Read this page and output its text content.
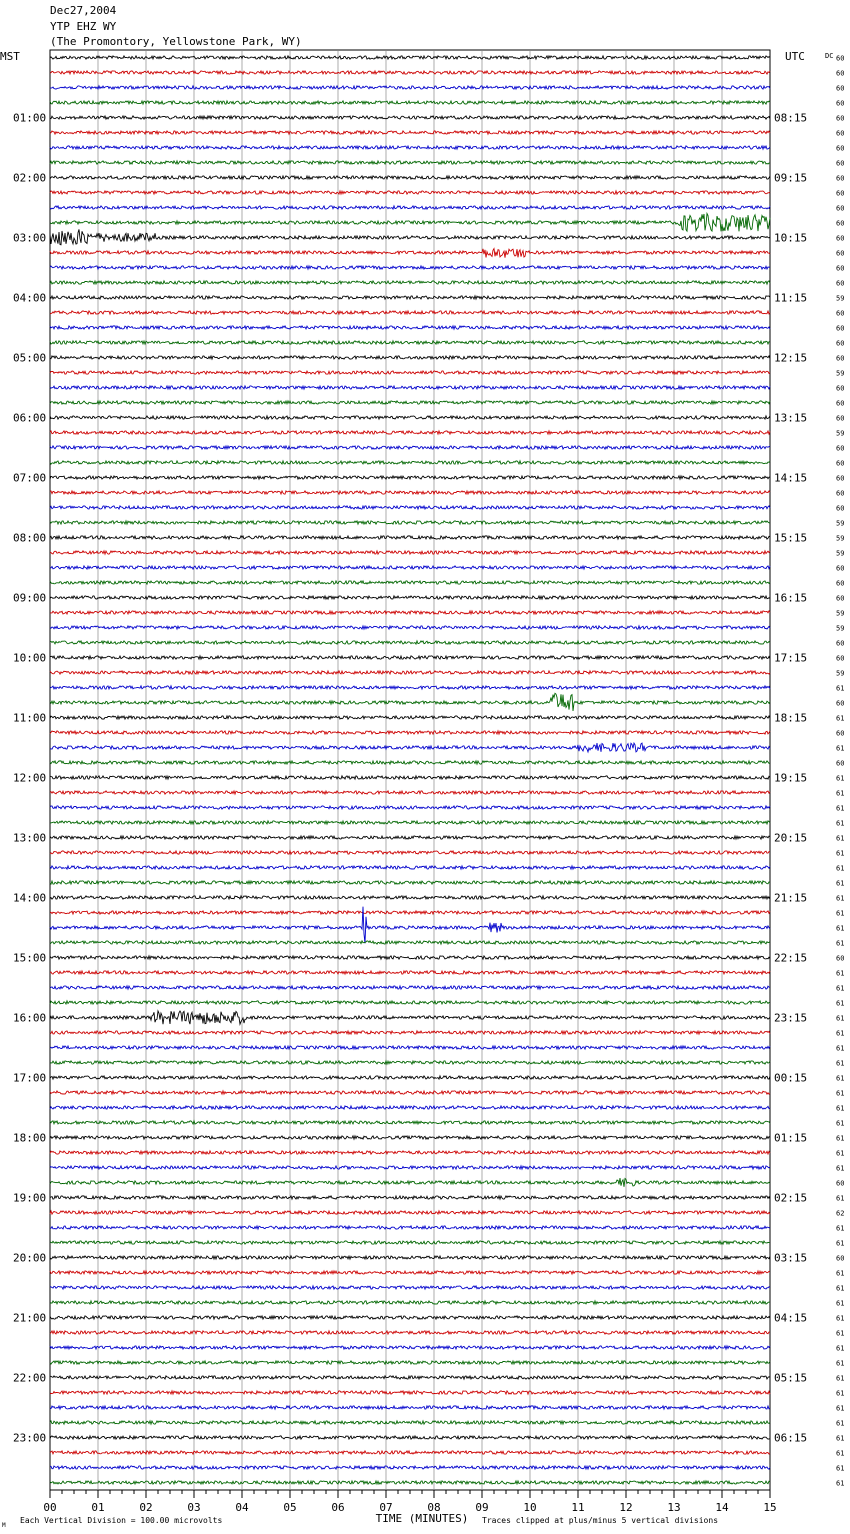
Dec27,2004
YTP EHZ WY
(The Promontory, Yellowstone Park, WY)
01:00
02:00
03:00
04:00
05:00
06:00
07:00
08:00
09:00
10:00
11:00
12:00
13:00
14:00
15:00
16:00
17:00
18:00
19:00
20:00
21:00
22:00
23:00
08:15
09:15
10:15
11:15
12:15
13:15
14:15
15:15
16:15
17:15
18:15
19:15
20:15
21:15
22:15
23:15
00:15
01:15
02:15
03:15
04:15
05:15
06:15
60
60
60
60
60
60
60
60
60
60
60
60
60
60
60
60
59
60
60
60
60
59
60
60
60
59
60
60
60
60
60
59
59
59
60
60
60
59
59
60
60
59
61
60
61
60
61
60
61
61
61
61
61
61
61
61
61
61
61
61
60
61
61
61
61
61
61
61
61
61
61
61
61
61
61
60
61
62
61
61
60
61
61
61
61
61
61
61
61
61
61
61
61
61
61
61
00	01	02	03	04	05	06	07	08	09	10	11	12	13	14	15
MST	UTC	DC
TIME (MINUTES)
Each Vertical Division = 100.00 microvolts	Traces clipped at plus/minus 5 vertical divisions
M
